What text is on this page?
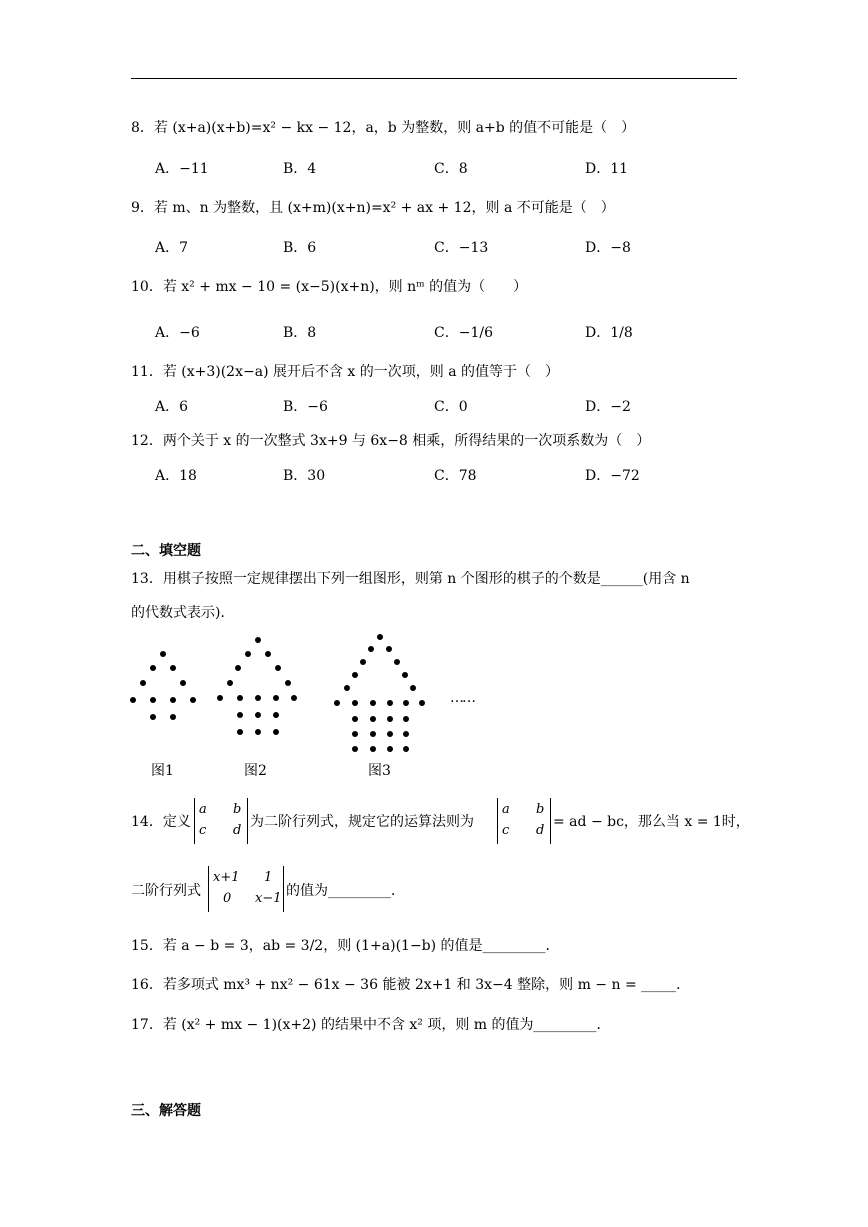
8．若 (x+a)(x+b)=x² − kx − 12，a，b 为整数，则 a+b 的值不可能是（　）
A．−11	B．4	C．8	D．11
9．若 m、n 为整数，且 (x+m)(x+n)=x² + ax + 12，则 a 不可能是（　）
A．7	B．6	C．−13	D．−8
10．若 x² + mx − 10 = (x−5)(x+n)，则 nᵐ 的值为（　　）
A．−6	B．8	C．−1/6	D．1/8
11．若 (x+3)(2x−a) 展开后不含 x 的一次项，则 a 的值等于（　）
A．6	B．−6	C．0	D．−2
12．两个关于 x 的一次整式 3x+9 与 6x−8 相乘，所得结果的一次项系数为（　）
A．18	B．30	C．78	D．−72
二、填空题
13．用棋子按照一定规律摆出下列一组图形，则第 n 个图形的棋子的个数是______(用含 n
的代数式表示)．
……
图1	图2	图3
14．定义
a b
c d
为二阶行列式，规定它的运算法则为
a b
c d
= ad − bc，那么当 x = 1时，
二阶行列式
x+1 1
0 x−1 的值为_________．
15．若 a − b = 3，ab = 3/2，则 (1+a)(1−b) 的值是_________．
16．若多项式 mx³ + nx² − 61x − 36 能被 2x+1 和 3x−4 整除，则 m − n = _____．
17．若 (x² + mx − 1)(x+2) 的结果中不含 x² 项，则 m 的值为_________．
三、解答题
